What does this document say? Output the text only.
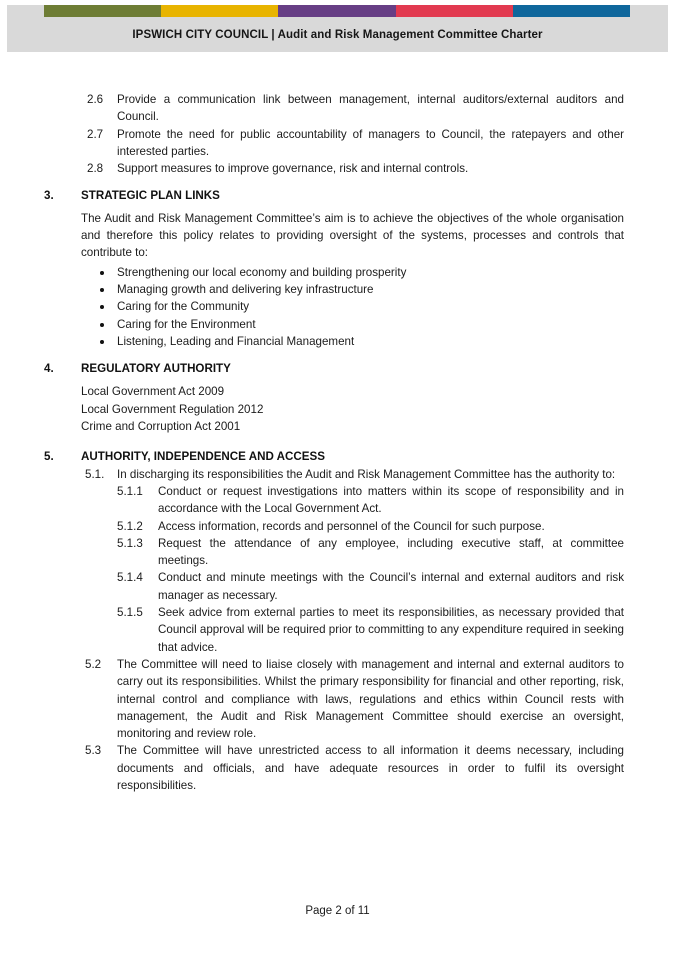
IPSWICH CITY COUNCIL | Audit and Risk Management Committee Charter
2.6	Provide a communication link between management, internal auditors/external auditors and Council.
2.7	Promote the need for public accountability of managers to Council, the ratepayers and other interested parties.
2.8	Support measures to improve governance, risk and internal controls.
3.	STRATEGIC PLAN LINKS

The Audit and Risk Management Committee’s aim is to achieve the objectives of the whole organisation and therefore this policy relates to providing oversight of the systems, processes and controls that contribute to:

Strengthening our local economy and building prosperity
Managing growth and delivering key infrastructure
Caring for the Community
Caring for the Environment
Listening, Leading and Financial Management
4.	REGULATORY AUTHORITY
Local Government Act 2009
Local Government Regulation 2012
Crime and Corruption Act 2001
5.	AUTHORITY, INDEPENDENCE AND ACCESS
5.1.	In discharging its responsibilities the Audit and Risk Management Committee has the authority to:
5.1.1	Conduct or request investigations into matters within its scope of responsibility and in accordance with the Local Government Act.
5.1.2	Access information, records and personnel of the Council for such purpose.
5.1.3	Request the attendance of any employee, including executive staff, at committee meetings.
5.1.4	Conduct and minute meetings with the Council’s internal and external auditors and risk manager as necessary.
5.1.5	Seek advice from external parties to meet its responsibilities, as necessary provided that Council approval will be required prior to committing to any expenditure required in seeking that advice.
5.2	The Committee will need to liaise closely with management and internal and external auditors to carry out its responsibilities. Whilst the primary responsibility for financial and other reporting, risk, internal control and compliance with laws, regulations and ethics within Council rests with management, the Audit and Risk Management Committee should exercise an oversight, monitoring and review role.
5.3	The Committee will have unrestricted access to all information it deems necessary, including documents and officials, and have adequate resources in order to fulfil its oversight responsibilities.
Page 2 of 11
